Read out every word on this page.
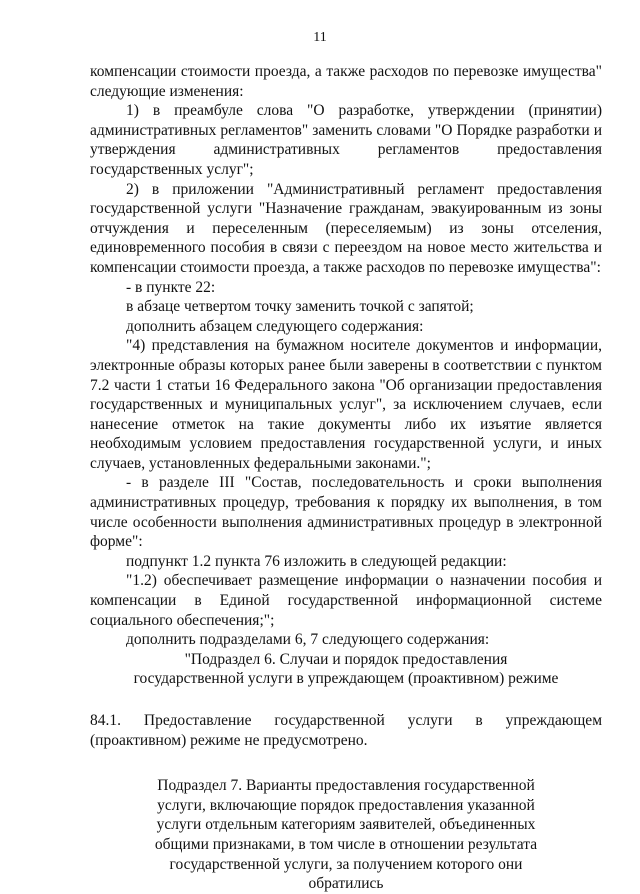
11

компенсации стоимости проезда, а также расходов по перевозке имущества" следующие изменения:

1) в преамбуле слова "О разработке, утверждении (принятии) административных регламентов" заменить словами "О Порядке разработки и утверждения административных регламентов предоставления государственных услуг";

2) в приложении "Административный регламент предоставления государственной услуги "Назначение гражданам, эвакуированным из зоны отчуждения и переселенным (переселяемым) из зоны отселения, единовременного пособия в связи с переездом на новое место жительства и компенсации стоимости проезда, а также расходов по перевозке имущества":

- в пункте 22:

в абзаце четвертом точку заменить точкой с запятой;

дополнить абзацем следующего содержания:

"4) представления на бумажном носителе документов и информации, электронные образы которых ранее были заверены в соответствии с пунктом 7.2 части 1 статьи 16 Федерального закона "Об организации предоставления государственных и муниципальных услуг", за исключением случаев, если нанесение отметок на такие документы либо их изъятие является необходимым условием предоставления государственной услуги, и иных случаев, установленных федеральными законами.";

- в разделе III "Состав, последовательность и сроки выполнения административных процедур, требования к порядку их выполнения, в том числе особенности выполнения административных процедур в электронной форме":

подпункт 1.2 пункта 76 изложить в следующей редакции:

"1.2) обеспечивает размещение информации о назначении пособия и компенсации в Единой государственной информационной системе социального обеспечения;";

дополнить подразделами 6, 7 следующего содержания:

"Подраздел 6. Случаи и порядок предоставления государственной услуги в упреждающем (проактивном) режиме

84.1. Предоставление государственной услуги в упреждающем (проактивном) режиме не предусмотрено.

Подраздел 7. Варианты предоставления государственной услуги, включающие порядок предоставления указанной услуги отдельным категориям заявителей, объединенных общими признаками, в том числе в отношении результата государственной услуги, за получением которого они обратились
